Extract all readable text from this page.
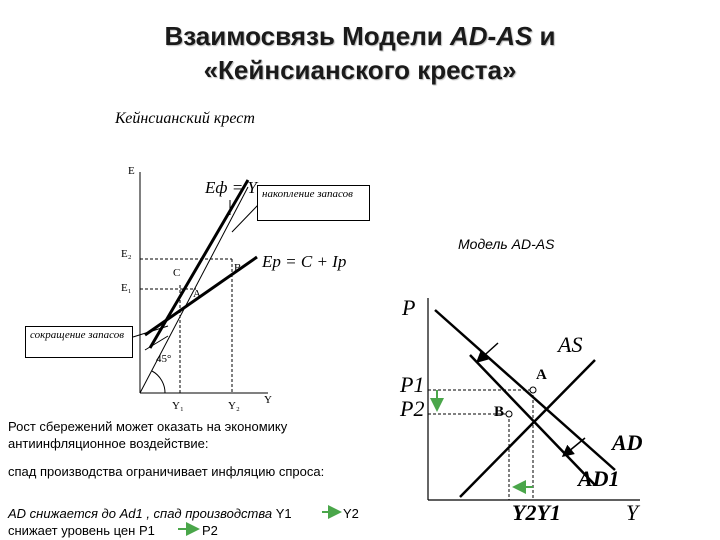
Взаимосвязь Модели AD-AS и
«Кейнсианского креста»
Кейнсианский крест
E
E₂
E₁
Y₁	Y₂ Y
45°
A
B
C
Eф = Y
Ep = C + Ip
накопление запасов
сокращение запасов
Модель AD-AS
P
P1
P2
AS
AD
AD1
A
B
Y2Y1	Y
Рост сбережений может оказать на экономику антиинфляционное воздействие:
спад производства ограничивает инфляцию спроса:
AD снижается до Ad1 , спад производства Y1	Y2
снижает уровень цен P1	P2
